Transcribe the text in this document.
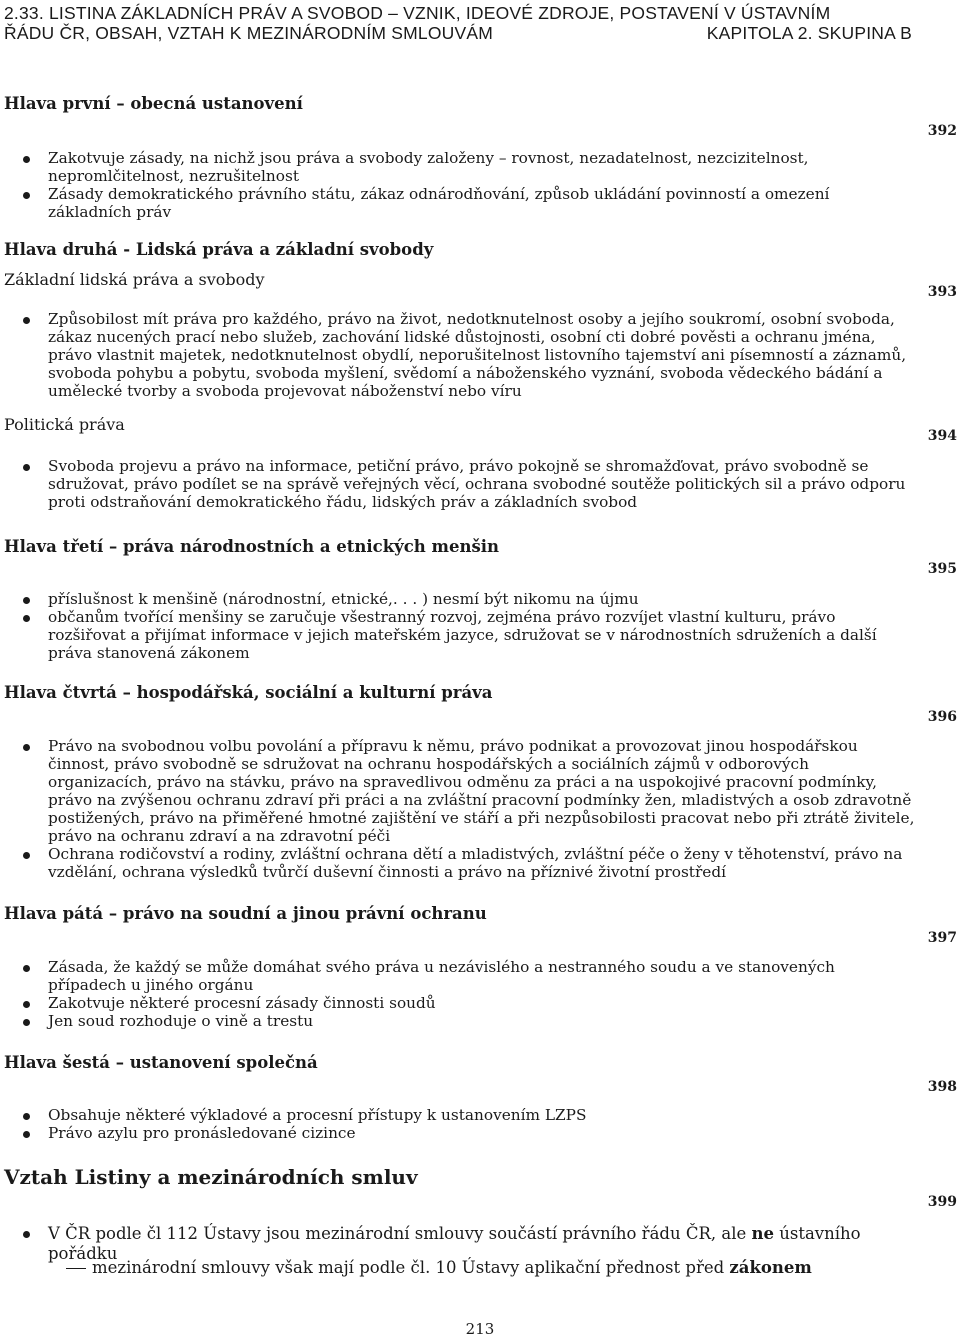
2.33. LISTINA ZÁKLADNÍCH PRÁV A SVOBOD – VZNIK, IDEOVÉ ZDROJE, POSTAVENÍ V ÚSTAVNÍM
ŘÁDU ČR, OBSAH, VZTAH K MEZINÁRODNÍM SMLOUVÁM	KAPITOLA 2. SKUPINA B
Hlava první – obecná ustanovení
392
Zakotvuje zásady, na nichž jsou práva a svobody založeny – rovnost, nezadatelnost, nezcizitelnost, nepromlčitelnost, nezrušitelnost
Zásady demokratického právního státu, zákaz odnárodňování, způsob ukládání povinností a omezení základních práv
Hlava druhá - Lidská práva a základní svobody
Základní lidská práva a svobody
393
Způsobilost mít práva pro každého, právo na život, nedotknutelnost osoby a jejího soukromí, osobní svoboda, zákaz nucených prací nebo služeb, zachování lidské důstojnosti, osobní cti dobré pověsti a ochranu jména, právo vlastnit majetek, nedotknutelnost obydlí, neporušitelnost listovního tajemství ani písemností a záznamů, svoboda pohybu a pobytu, svoboda myšlení, svědomí a náboženského vyznání, svoboda vědeckého bádání a umělecké tvorby a svoboda projevovat náboženství nebo víru
Politická práva
394
Svoboda projevu a právo na informace, petiční právo, právo pokojně se shromažďovat, právo svobodně se sdružovat, právo podílet se na správě veřejných věcí, ochrana svobodné soutěže politických sil a právo odporu proti odstraňování demokratického řádu, lidských práv a základních svobod
Hlava třetí – práva národnostních a etnických menšin
395
příslušnost k menšině (národnostní, etnické,. . . ) nesmí být nikomu na újmu
občanům tvořící menšiny se zaručuje všestranný rozvoj, zejména právo rozvíjet vlastní kulturu, právo rozšiřovat a přijímat informace v jejich mateřském jazyce, sdružovat se v národnostních sdruženích a další práva stanovená zákonem
Hlava čtvrtá – hospodářská, sociální a kulturní práva
396
Právo na svobodnou volbu povolání a přípravu k němu, právo podnikat a provozovat jinou hospodářskou činnost, právo svobodně se sdružovat na ochranu hospodářských a sociálních zájmů v odborových organizacích, právo na stávku, právo na spravedlivou odměnu za práci a na uspokojivé pracovní podmínky, právo na zvýšenou ochranu zdraví při práci a na zvláštní pracovní podmínky žen, mladistvých a osob zdravotně postižených, právo na přiměřené hmotné zajištění ve stáří a při nezpůsobilosti pracovat nebo při ztrátě živitele, právo na ochranu zdraví a na zdravotní péči
Ochrana rodičovství a rodiny, zvláštní ochrana dětí a mladistvých, zvláštní péče o ženy v těhotenství, právo na vzdělání, ochrana výsledků tvůrčí duševní činnosti a právo na příznivé životní prostředí
Hlava pátá – právo na soudní a jinou právní ochranu
397
Zásada, že každý se může domáhat svého práva u nezávislého a nestranného soudu a ve stanovených případech u jiného orgánu
Zakotvuje některé procesní zásady činnosti soudů
Jen soud rozhoduje o vině a trestu
Hlava šestá – ustanovení společná
398
Obsahuje některé výkladové a procesní přístupy k ustanovením LZPS
Právo azylu pro pronásledované cizince
Vztah Listiny a mezinárodních smluv
399
V ČR podle čl 112 Ústavy jsou mezinárodní smlouvy součástí právního řádu ČR, ale ne ústavního pořádku
mezinárodní smlouvy však mají podle čl. 10 Ústavy aplikační přednost před zákonem
213
